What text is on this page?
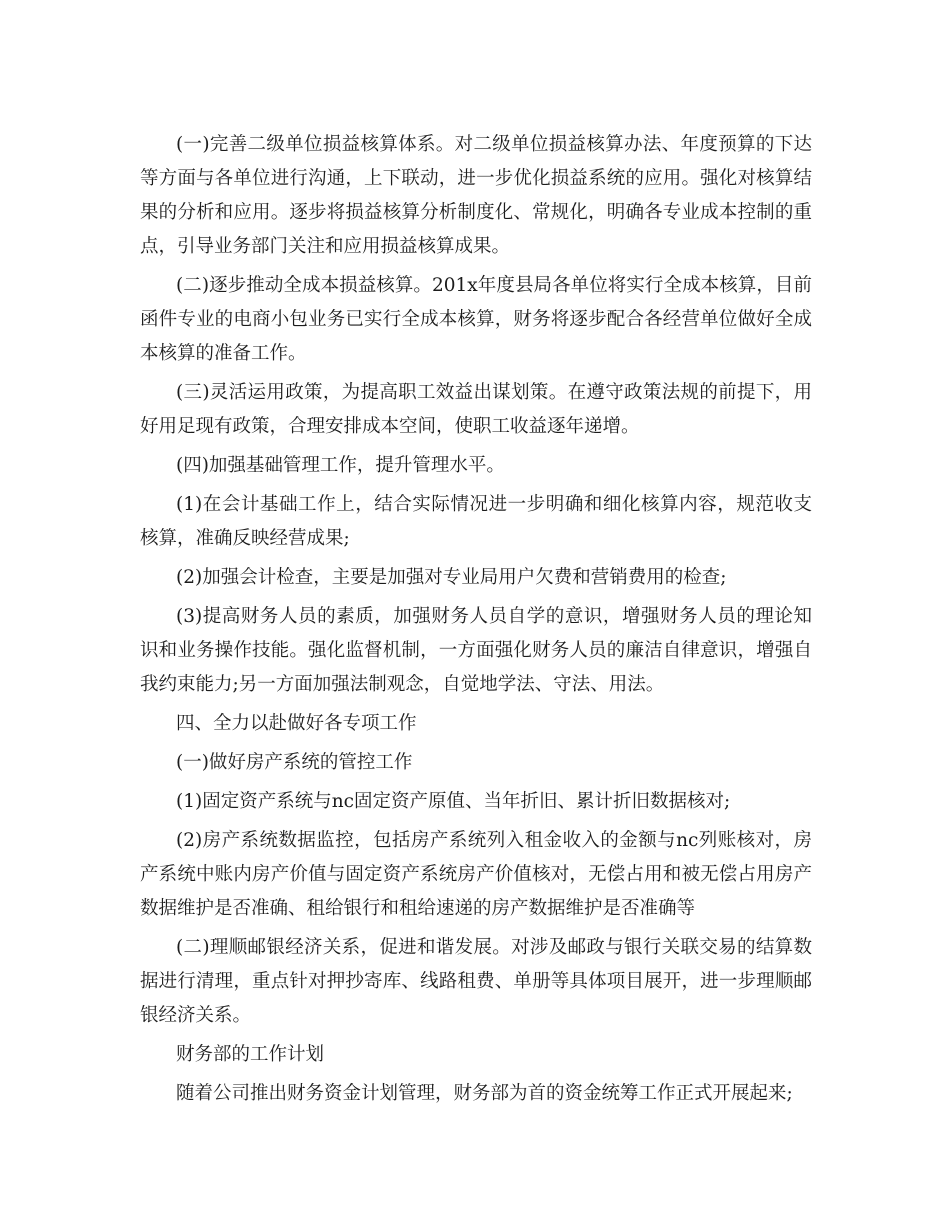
(一)完善二级单位损益核算体系。对二级单位损益核算办法、年度预算的下达等方面与各单位进行沟通，上下联动，进一步优化损益系统的应用。强化对核算结果的分析和应用。逐步将损益核算分析制度化、常规化，明确各专业成本控制的重点，引导业务部门关注和应用损益核算成果。

(二)逐步推动全成本损益核算。201x年度县局各单位将实行全成本核算，目前函件专业的电商小包业务已实行全成本核算，财务将逐步配合各经营单位做好全成本核算的准备工作。

(三)灵活运用政策，为提高职工效益出谋划策。在遵守政策法规的前提下，用好用足现有政策，合理安排成本空间，使职工收益逐年递增。

(四)加强基础管理工作，提升管理水平。

(1)在会计基础工作上，结合实际情况进一步明确和细化核算内容，规范收支核算，准确反映经营成果;

(2)加强会计检查，主要是加强对专业局用户欠费和营销费用的检查;

(3)提高财务人员的素质，加强财务人员自学的意识，增强财务人员的理论知识和业务操作技能。强化监督机制，一方面强化财务人员的廉洁自律意识，增强自我约束能力;另一方面加强法制观念，自觉地学法、守法、用法。

四、全力以赴做好各专项工作

(一)做好房产系统的管控工作

(1)固定资产系统与nc固定资产原值、当年折旧、累计折旧数据核对;

(2)房产系统数据监控，包括房产系统列入租金收入的金额与nc列账核对，房产系统中账内房产价值与固定资产系统房产价值核对，无偿占用和被无偿占用房产数据维护是否准确、租给银行和租给速递的房产数据维护是否准确等

(二)理顺邮银经济关系，促进和谐发展。对涉及邮政与银行关联交易的结算数据进行清理，重点针对押抄寄库、线路租费、单册等具体项目展开，进一步理顺邮银经济关系。

财务部的工作计划

随着公司推出财务资金计划管理，财务部为首的资金统筹工作正式开展起来;
